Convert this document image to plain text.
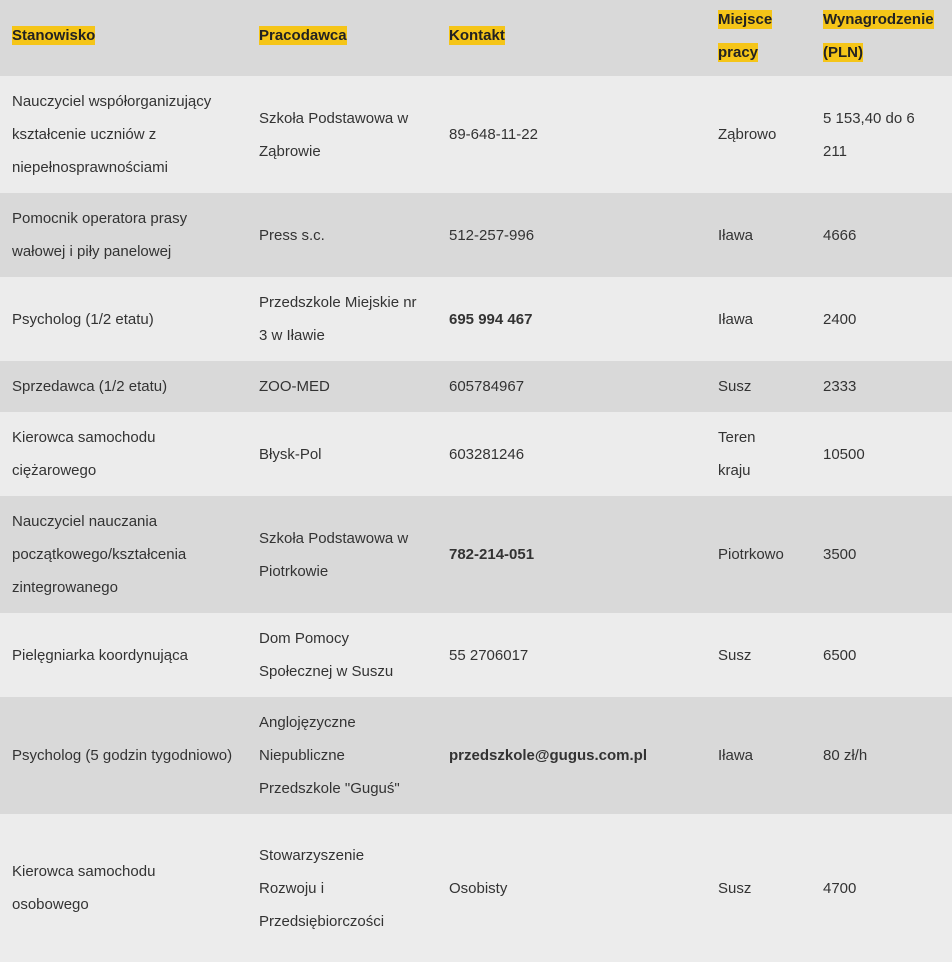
Stanowisko	Pracodawca	Kontakt	Miejsce pracy	Wynagrodzenie (PLN)
Nauczyciel współorganizujący kształcenie uczniów z niepełnosprawnościami	Szkoła Podstawowa w Ząbrowie	89-648-11-22	Ząbrowo	5 153,40 do 6 211
Pomocnik operatora prasy wałowej i piły panelowej	Press s.c.	512-257-996	Iława	4666
Psycholog (1/2 etatu)	Przedszkole Miejskie nr 3 w Iławie	695 994 467	Iława	2400
Sprzedawca (1/2 etatu)	ZOO-MED	605784967	Susz	2333
Kierowca samochodu ciężarowego	Błysk-Pol	603281246	Teren kraju	10500
Nauczyciel nauczania początkowego/kształcenia zintegrowanego	Szkoła Podstawowa w Piotrkowie	782-214-051	Piotrkowo	3500
Pielęgniarka koordynująca	Dom Pomocy Społecznej w Suszu	55 2706017	Susz	6500
Psycholog (5 godzin tygodniowo)	Anglojęzyczne Niepubliczne Przedszkole "Guguś"	przedszkole@gugus.com.pl	Iława	80 zł/h
Kierowca samochodu osobowego	Stowarzyszenie Rozwoju i Przedsiębiorczości	Osobisty	Susz	4700
